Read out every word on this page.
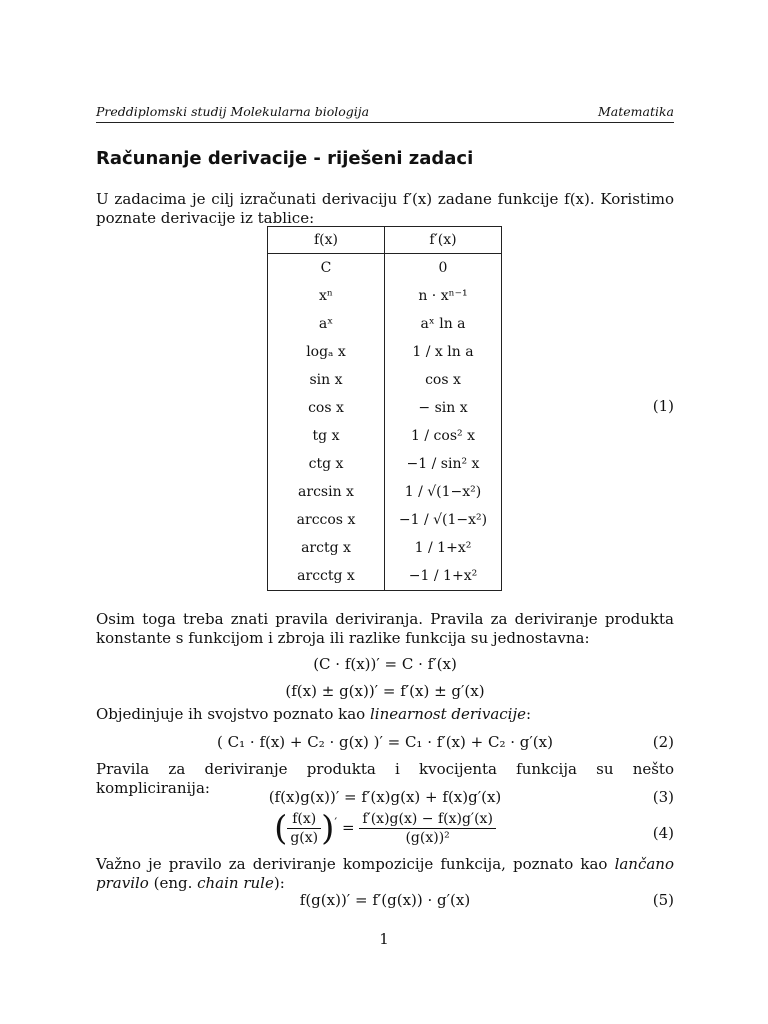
Preddiplomski studij Molekularna biologija	Matematika
Računanje derivacije - riješeni zadaci
U zadacima je cilj izračunati derivaciju f′(x) zadane funkcije f(x). Koristimo poznate derivacije iz tablice:
f(x)	f′(x)
C	0
xⁿ	n · xⁿ⁻¹
aˣ	aˣ ln a
logₐ x	1 / x ln a
sin x	cos x
cos x	− sin x
tg x	1 / cos² x
ctg x	−1 / sin² x
arcsin x	1 / √(1−x²)
arccos x	−1 / √(1−x²)
arctg x	1 / 1+x²
arcctg x	−1 / 1+x²
(1)
Osim toga treba znati pravila deriviranja. Pravila za deriviranje produkta konstante s funkcijom i zbroja ili razlike funkcija su jednostavna:
(C · f(x))′ = C · f′(x)
(f(x) ± g(x))′ = f′(x) ± g′(x)
Objedinjuje ih svojstvo poznato kao linearnost derivacije:
( C₁ · f(x) + C₂ · g(x) )′ = C₁ · f′(x) + C₂ · g′(x)	(2)
Pravila za deriviranje produkta i kvocijenta funkcija su nešto kompliciranija:	(f(x)g(x))′ = f′(x)g(x) + f(x)g′(x)	(3)
( $\frac{f(x)}{g(x)} )' = \frac{f'(x)g(x) - f(x)g'(x)}{\text{(g(x))²}}$	(4)
Važno je pravilo za deriviranje kompozicije funkcija, poznato kao lančano pravilo (eng. chain rule):
f(g(x))′ = f′(g(x)) · g′(x)	(5)
1
